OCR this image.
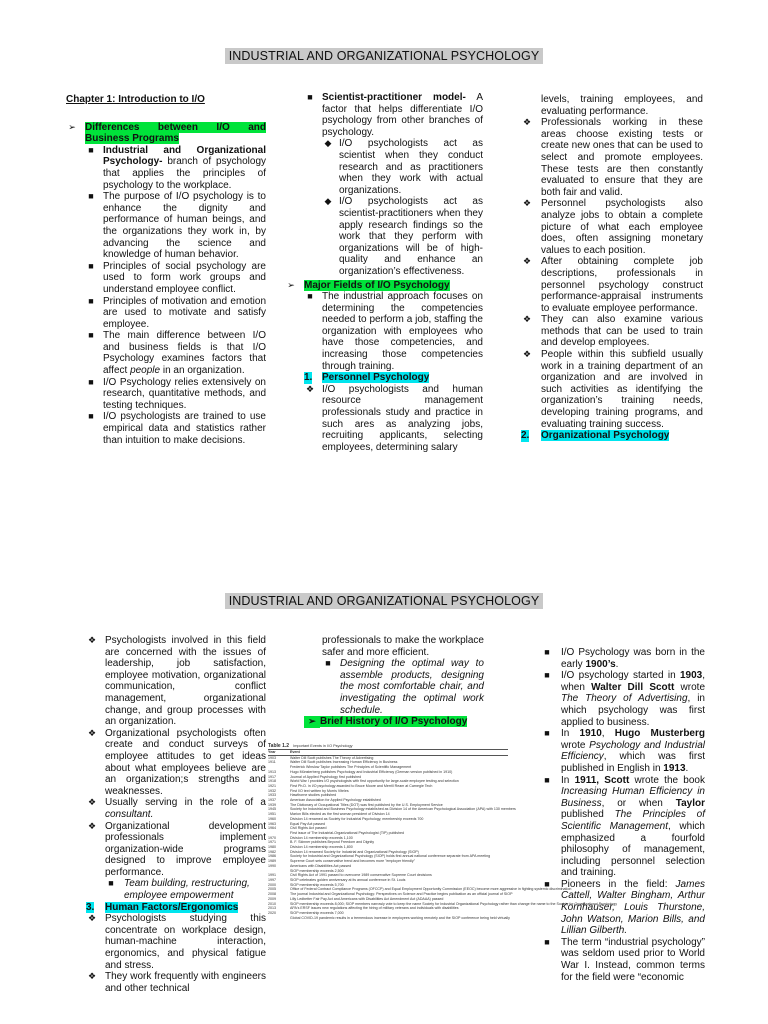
INDUSTRIAL AND ORGANIZATIONAL PSYCHOLOGY

Chapter 1: Introduction to I/O

➢ Differences between I/O and Business Programs

■ Industrial and Organizational Psychology- branch of psychology that applies the principles of psychology to the workplace.

■ The purpose of I/O psychology is to enhance the dignity and performance of human beings, and the organizations they work in, by advancing the science and knowledge of human behavior.

■ Principles of social psychology are used to form work groups and understand employee conflict.

■ Principles of motivation and emotion are used to motivate and satisfy employee.

■ The main difference between I/O and business fields is that I/O Psychology examines factors that affect people in an organization.

■ I/O Psychology relies extensively on research, quantitative methods, and testing techniques.

■ I/O psychologists are trained to use empirical data and statistics rather than intuition to make decisions.

■ Scientist-practitioner model- A factor that helps differentiate I/O psychology from other branches of psychology.

◆ I/O psychologists act as scientist when they conduct research and as practitioners when they work with actual organizations.

◆ I/O psychologists act as scientist-practitioners when they apply research findings so the work that they perform with organizations will be of high-quality and enhance an organization’s effectiveness.

➢ Major Fields of I/O Psychology

■ The industrial approach focuses on determining the competencies needed to perform a job, staffing the organization with employees who have those competencies, and increasing those competencies through training.

1. Personnel Psychology
❖ I/O psychologists and human resource management professionals study and practice in such ares as analyzing jobs, recruiting applicants, selecting employees, determining salary

levels, training employees, and evaluating performance.

❖ Professionals working in these areas choose existing tests or create new ones that can be used to select and promote employees. These tests are then constantly evaluated to ensure that they are both fair and valid.

❖ Personnel psychologists also analyze jobs to obtain a complete picture of what each employee does, often assigning monetary values to each position.

❖ After obtaining complete job descriptions, professionals in personnel psychology construct performance-appraisal instruments to evaluate employee performance.

❖ They can also examine various methods that can be used to train and develop employees.

❖ People within this subfield usually work in a training department of an organization and are involved in such activities as identifying the organization’s training needs, developing training programs, and evaluating training success.

2. Organizational Psychology
INDUSTRIAL AND ORGANIZATIONAL PSYCHOLOGY
❖ Psychologists involved in this field are concerned with the issues of leadership, job satisfaction, employee motivation, organizational communication, conflict management, organizational change, and group processes with an organization.

❖ Organizational psychologists often create and conduct surveys of employee attitudes to get ideas about what employees believe are an organization;s strengths and weaknesses.

❖ Usually serving in the role of a consultant.

❖ Organizational development professionals implement organization-wide programs designed to improve employee performance.

■	Team building, restructuring, employee empowerment

3. Human Factors/Ergonomics
❖ Psychologists studying this concentrate on workplace design, human-machine interaction, ergonomics, and physical fatigue and stress.

❖ They work frequently with engineers and other technical

professionals to make the workplace safer and more efficient.

■ Designing the optimal way to assemble products, designing the most comfortable chair, and investigating the optimal work schedule.

➢ Brief History of I/O Psychology
Table 1.2 Important Events in I/O Psychology
Year	Event
1903	Walter Dill Scott publishes The Theory of Advertising
1911	Walter Dill Scott publishes Increasing Human Efficiency in Business
Frederick Winslow Taylor publishes The Principles of Scientific Management
1913	Hugo Münsterberg publishes Psychology and Industrial Efficiency (German version published in 1910)
1917	Journal of Applied Psychology first published
1918	World War I provides I/O psychologists with first opportunity for large-scale employee testing and selection
1921	First Ph.D. in I/O psychology awarded to Bruce Moore and Merrill Ream at Carnegie Tech
1932	First I/O text written by Morris Viteles
1933	Hawthorne studies published
1937	American Association for Applied Psychology established
1939	The Dictionary of Occupational Titles (DOT) was first published by the U.S. Employment Service
1945	Society for Industrial and Business Psychology established as Division 14 of the American Psychological Association (APA) with 130 members
1951	Marion Bills elected as the first woman president of Division 14
1960	Division 14 renamed as Society for Industrial Psychology, membership exceeds 700
1963	Equal Pay Act passed
1964	Civil Rights Act passed
First issue of The Industrial-Organizational Psychologist (TIP) published
1970	Division 14 membership exceeds 1,100
1971	B. F. Skinner publishes Beyond Freedom and Dignity
1980	Division 14 membership exceeds 1,800
1982	Division 14 renamed Society for Industrial and Organizational Psychology (SIOP)
1986	Society for Industrial and Organizational Psychology (SIOP) holds first annual national conference separate from APA meeting
1989	Supreme Court sets conservative trend and becomes more "employer friendly"
1990	Americans with Disabilities Act passed
SIOP membership exceeds 2,500
1991	Civil Rights Act of 1991 passed to overcome 1989 conservative Supreme Court decisions
1997	SIOP celebrates golden anniversary at its annual conference in St. Louis
2000	SIOP membership exceeds 5,700
2005	Office of Federal Contract Compliance Programs (OFCCP) and Equal Employment Opportunity Commission (EEOC) become more aggressive in fighting systemic discrimination
2008	The journal Industrial and Organizational Psychology: Perspectives on Science and Practice begins publication as an official journal of SIOP
2009	Lilly Ledbetter Fair Pay Act and Americans with Disabilities Act Amendment Act (ADAAA) passed
2010	SIOP membership exceeds 8,000; SIOP members narrowly vote to keep the name Society for Industrial Organizational Psychology rather than change the name to the Society for Organizational Psychology
2013	APA's ERSF issues new regulations affecting the hiring of military veterans and individuals with disabilities
2020	SIOP membership exceeds 7,000
Global COVID-19 pandemic results in a tremendous increase in employees working remotely and the SIOP conference being held virtually
■	I/O Psychology was born in the early 1900’s.

■	I/O psychology started in 1903, when Walter Dill Scott wrote The Theory of Advertising, in which psychology was first applied to business.

■	In 1910, Hugo Musterberg wrote Psychology and Industrial Efficiency, which was first published in English in 1913.

■	In 1911, Scott wrote the book Increasing Human Efficiency in Business, or when Taylor published The Principles of Scientific Management, which emphasized a fourfold philosophy of management, including personnel selection and training.

■	Pioneers in the field: James Cattell, Walter Bingham, Arthur Kornhauser, Louis Thurstone, John Watson, Marion Bills, and Lillian Gilberth.

■	The term “industrial psychology” was seldom used prior to World War I. Instead, common terms for the field were “economic
